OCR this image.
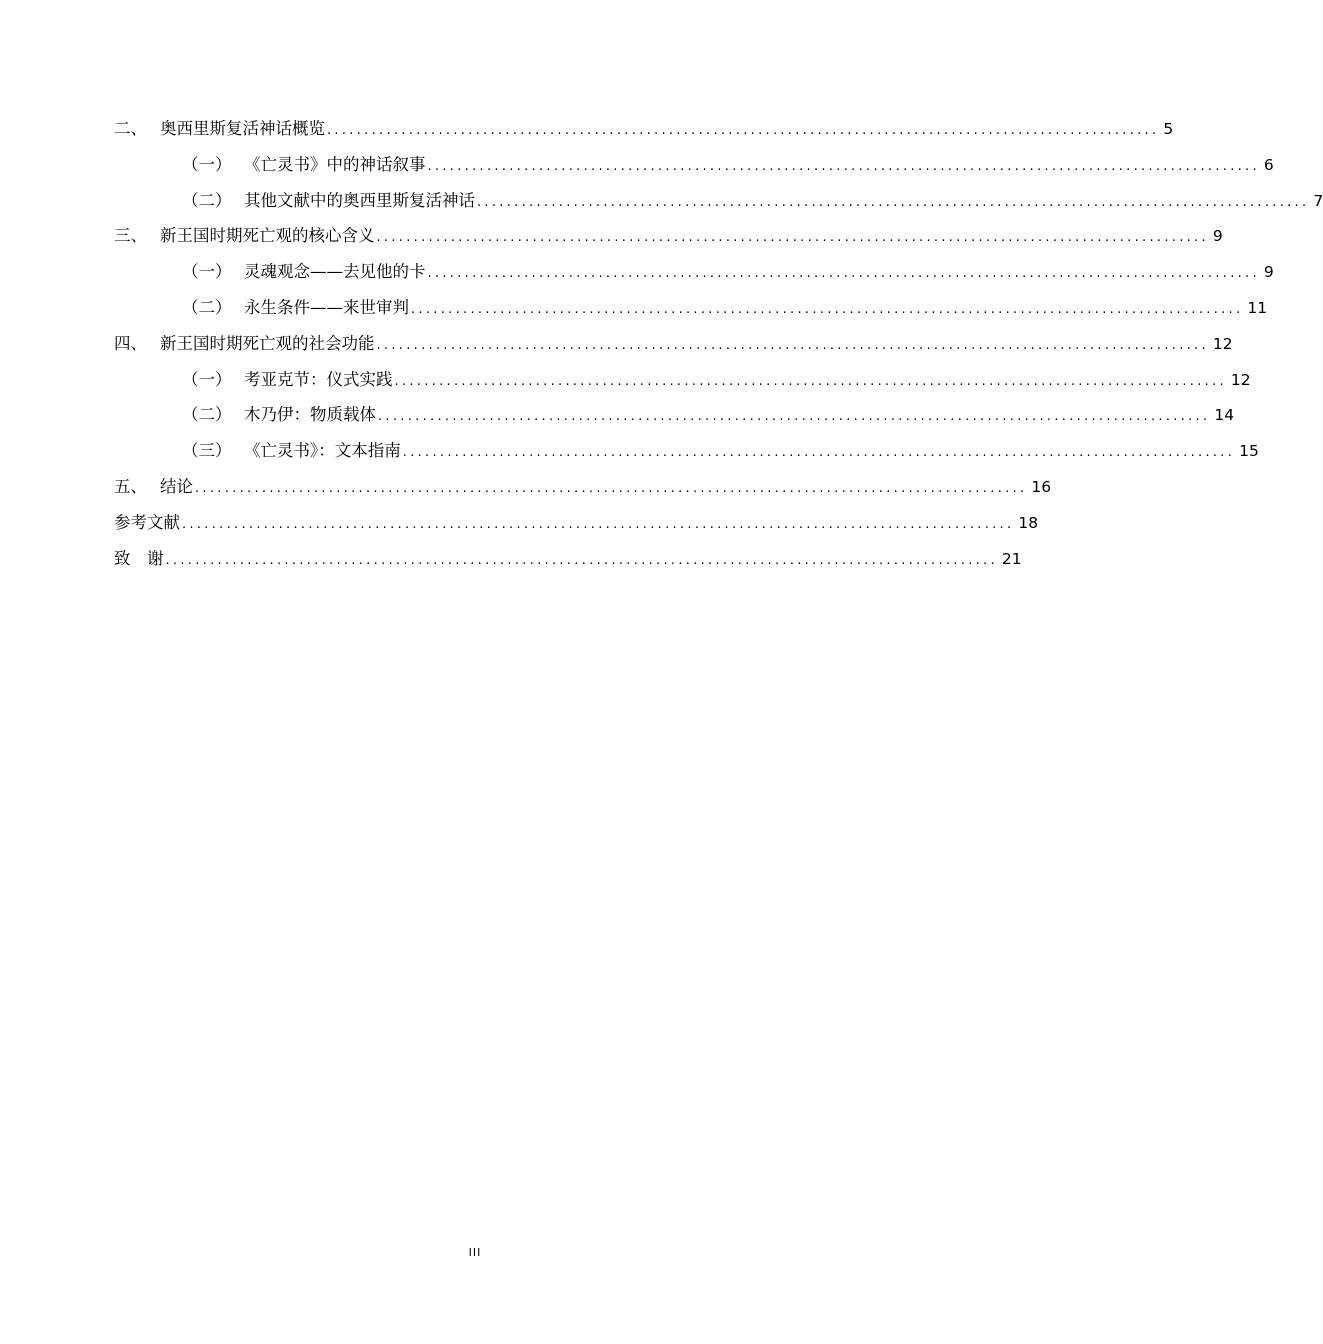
二、 奥西里斯复活神话概览 ................................................................................................................ 5
（一） 《亡灵书》中的神话叙事 ................................................................................................................ 6
（二） 其他文献中的奥西里斯复活神话 ................................................................................................................ 7
三、 新王国时期死亡观的核心含义 ................................................................................................................ 9
（一） 灵魂观念——去见他的卡 ................................................................................................................ 9
（二） 永生条件——来世审判 ................................................................................................................ 11
四、 新王国时期死亡观的社会功能 ................................................................................................................ 12
（一） 考亚克节：仪式实践 ................................................................................................................ 12
（二） 木乃伊：物质载体 ................................................................................................................ 14
（三） 《亡灵书》：文本指南 ................................................................................................................ 15
五、 结论 ................................................................................................................ 16
参考文献 ................................................................................................................ 18
致　谢 ................................................................................................................ 21
III
